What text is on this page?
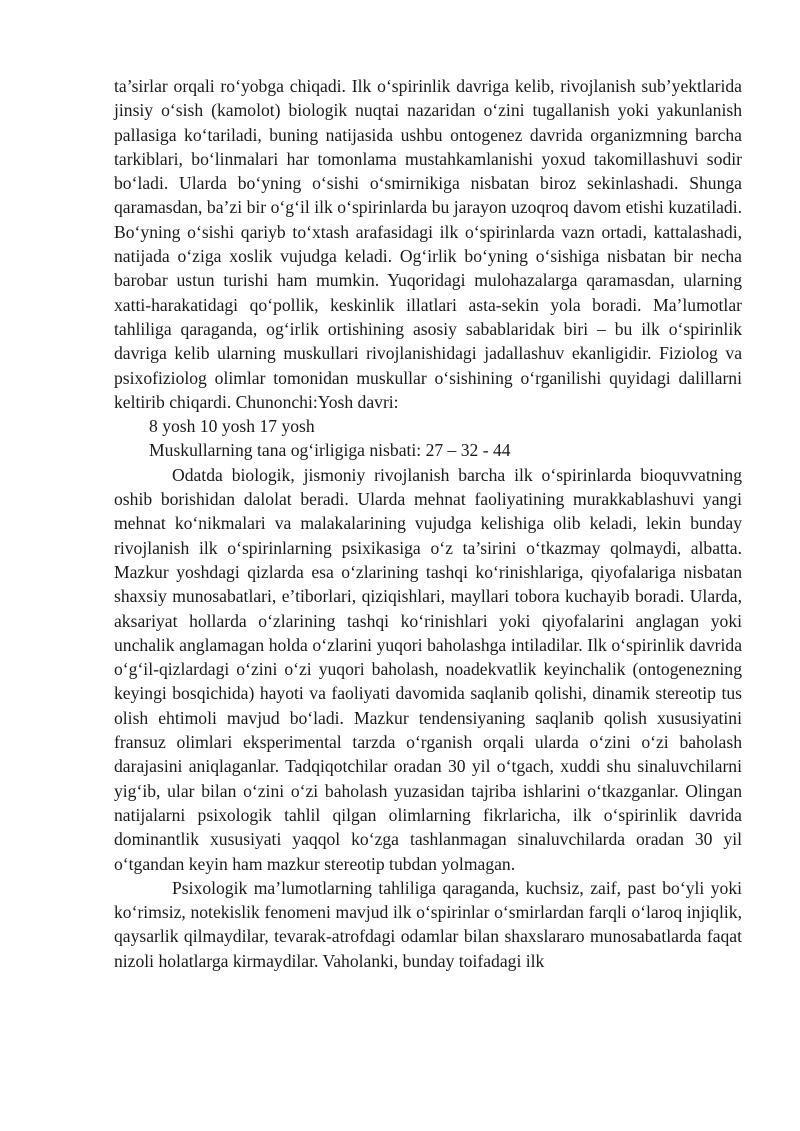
ta’sirlar orqali ro‘yobga chiqadi. Ilk o‘spirinlik davriga kelib, rivojlanish sub’yektlarida jinsiy o‘sish (kamolot) biologik nuqtai nazaridan o‘zini tugallanish yoki yakunlanish pallasiga ko‘tariladi, buning natijasida ushbu ontogenez davrida organizmning barcha tarkiblari, bo‘linmalari har tomonlama mustahkamlanishi yoxud takomillashuvi sodir bo‘ladi. Ularda bo‘yning o‘sishi o‘smirnikiga nisbatan biroz sekinlashadi. Shunga qaramasdan, ba’zi bir o‘g‘il ilk o‘spirinlarda bu jarayon uzoqroq davom etishi kuzatiladi. Bo‘yning o‘sishi qariyb to‘xtash arafasidagi ilk o‘spirinlarda vazn ortadi, kattalashadi, natijada o‘ziga xoslik vujudga keladi. Og‘irlik bo‘yning o‘sishiga nisbatan bir necha barobar ustun turishi ham mumkin. Yuqoridagi mulohazalarga qaramasdan, ularning xatti-harakatidagi qo‘pollik, keskinlik illatlari asta-sekin yola boradi. Ma’lumotlar tahliliga qaraganda, og‘irlik ortishining asosiy sabablaridak biri – bu ilk o‘spirinlik davriga kelib ularning muskullari rivojlanishidagi jadallashuv ekanligidir. Fiziolog va psixofiziolog olimlar tomonidan muskullar o‘sishining o‘rganilishi quyidagi dalillarni keltirib chiqardi. Chunonchi:Yosh davri:

8 yosh 10 yosh 17 yosh

Muskullarning tana og‘irligiga nisbati: 27 – 32 - 44

Odatda biologik, jismoniy rivojlanish barcha ilk o‘spirinlarda bioquvvatning oshib borishidan dalolat beradi. Ularda mehnat faoliyatining murakkablashuvi yangi mehnat ko‘nikmalari va malakalarining vujudga kelishiga olib keladi, lekin bunday rivojlanish ilk o‘spirinlarning psixikasiga o‘z ta’sirini o‘tkazmay qolmaydi, albatta. Mazkur yoshdagi qizlarda esa o‘zlarining tashqi ko‘rinishlariga, qiyofalariga nisbatan shaxsiy munosabatlari, e’tiborlari, qiziqishlari, mayllari tobora kuchayib boradi. Ularda, aksariyat hollarda o‘zlarining tashqi ko‘rinishlari yoki qiyofalarini anglagan yoki unchalik anglamagan holda o‘zlarini yuqori baholashga intiladilar. Ilk o‘spirinlik davrida o‘g‘il-qizlardagi o‘zini o‘zi yuqori baholash, noadekvatlik keyinchalik (ontogenezning keyingi bosqichida) hayoti va faoliyati davomida saqlanib qolishi, dinamik stereotip tus olish ehtimoli mavjud bo‘ladi. Mazkur tendensiyaning saqlanib qolish xususiyatini fransuz olimlari eksperimental tarzda o‘rganish orqali ularda o‘zini o‘zi baholash darajasini aniqlaganlar. Tadqiqotchilar oradan 30 yil o‘tgach, xuddi shu sinaluvchilarni yig‘ib, ular bilan o‘zini o‘zi baholash yuzasidan tajriba ishlarini o‘tkazganlar. Olingan natijalarni psixologik tahlil qilgan olimlarning fikrlaricha, ilk o‘spirinlik davrida dominantlik xususiyati yaqqol ko‘zga tashlanmagan sinaluvchilarda oradan 30 yil o‘tgandan keyin ham mazkur stereotip tubdan yolmagan.

Psixologik ma’lumotlarning tahliliga qaraganda, kuchsiz, zaif, past bo‘yli yoki ko‘rimsiz, notekislik fenomeni mavjud ilk o‘spirinlar o‘smirlardan farqli o‘laroq injiqlik, qaysarlik qilmaydilar, tevarak-atrofdagi odamlar bilan shaxslararo munosabatlarda faqat nizoli holatlarga kirmaydilar. Vaholanki, bunday toifadagi ilk
